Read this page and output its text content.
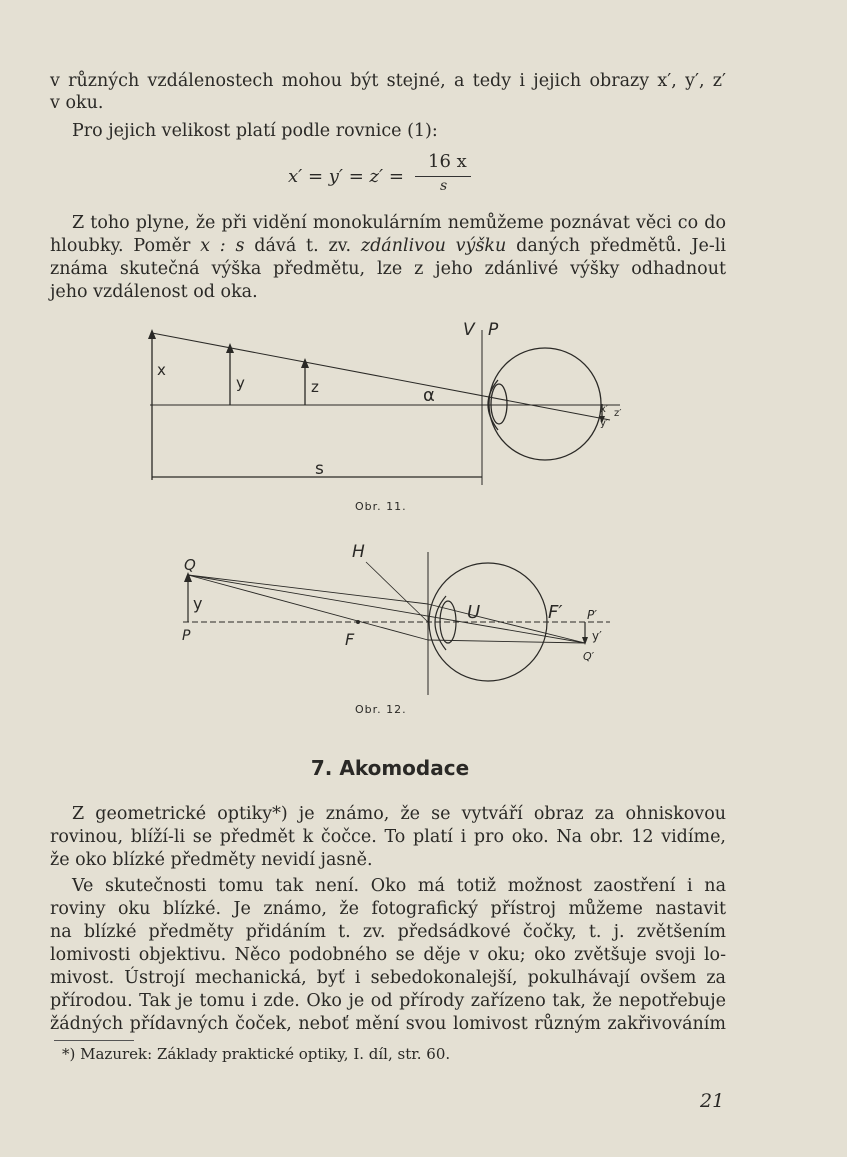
v různých vzdálenostech mohou být stejné, a tedy i jejich obrazy x′, y′, z′
v oku.
Pro jejich velikost platí podle rovnice (1):
x′ = y′ = z′ =
16 x
s
Z toho plyne, že při vidění monokulárním nemůžeme poznávat věci co do
hloubky. Poměr x : s dává t. zv. zdánlivou výšku daných předmětů. Je-li
známa skutečná výška předmětu, lze z jeho zdánlivé výšky odhadnout
jeho vzdálenost od oka.
x
y	z	α
s
V P
x′
y′
z′
Obr. 11.
Q
y
P
H
F
U	F′ P′
y′
Q′
Obr. 12.
7. Akomodace
Z geometrické optiky*) je známo, že se vytváří obraz za ohniskovou
rovinou, blíží-li se předmět k čočce. To platí i pro oko. Na obr. 12 vidíme,
že oko blízké předměty nevidí jasně.
Ve skutečnosti tomu tak není. Oko má totiž možnost zaostření i na
roviny oku blízké. Je známo, že fotografický přístroj můžeme nastavit
na blízké předměty přidáním t. zv. předsádkové čočky, t. j. zvětšením
lomivosti objektivu. Něco podobného se děje v oku; oko zvětšuje svoji lo-
mivost. Ústrojí mechanická, byť i sebedokonalejší, pokulhávají ovšem za
přírodou. Tak je tomu i zde. Oko je od přírody zařízeno tak, že nepotřebuje
žádných přídavných čoček, neboť mění svou lomivost různým zakřivováním
*) Mazurek: Základy praktické optiky, I. díl, str. 60.
21
